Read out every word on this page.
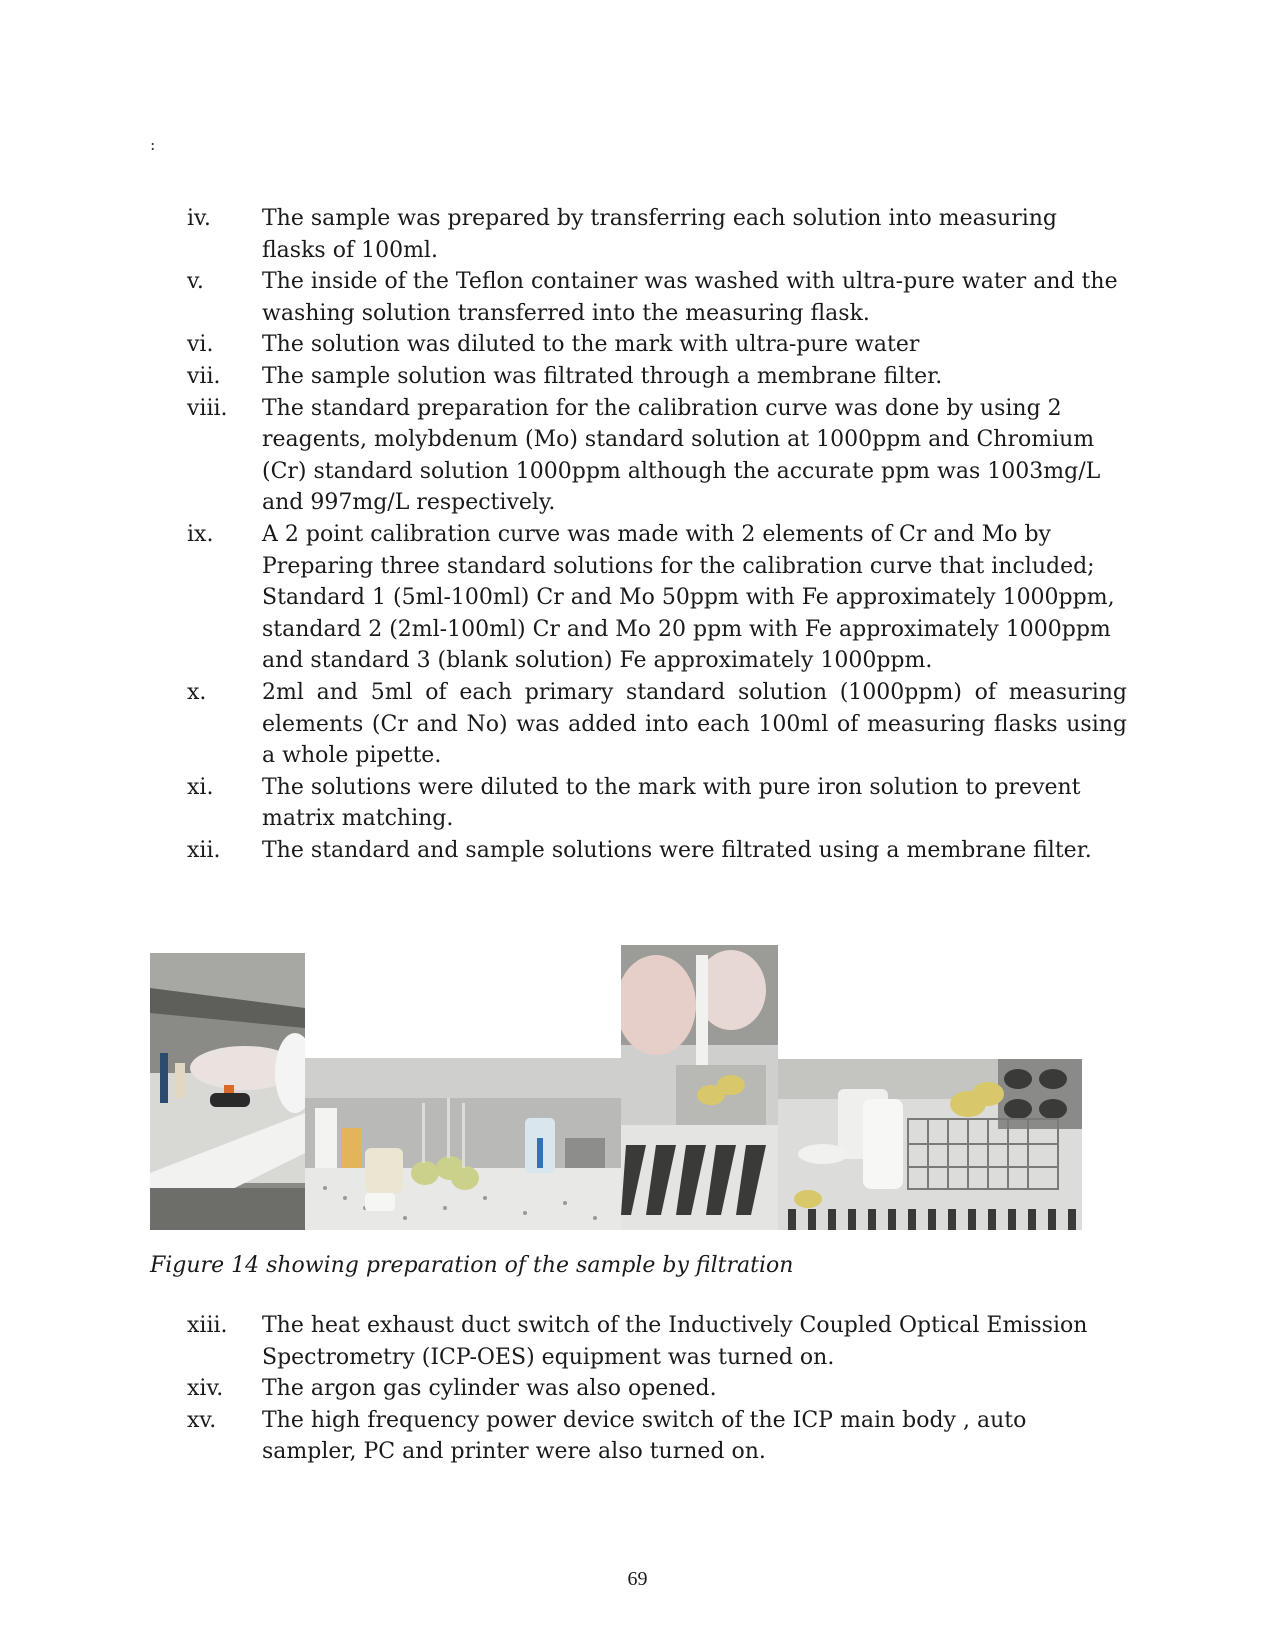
:
iv. The sample was prepared by transferring each solution into measuring flasks of 100ml.
v.	The inside of the Teflon container was washed with ultra-pure water and the washing solution transferred into the measuring flask.
vi. The solution was diluted to the mark with ultra-pure water
vii. The sample solution was filtrated through a membrane filter.
viii. The standard preparation for the calibration curve was done by using 2 reagents, molybdenum (Mo) standard solution at 1000ppm and Chromium (Cr) standard solution 1000ppm although the accurate ppm was 1003mg/L and 997mg/L respectively.
ix. A 2 point calibration curve was made with 2 elements of Cr and Mo by Preparing three standard solutions for the calibration curve that included; Standard 1 (5ml-100ml) Cr and Mo 50ppm with Fe approximately 1000ppm, standard 2 (2ml-100ml) Cr and Mo 20 ppm with Fe approximately 1000ppm and standard 3 (blank solution) Fe approximately 1000ppm.
x.	2ml and 5ml of each primary standard solution (1000ppm) of measuring elements (Cr and No) was added into each 100ml of measuring flasks using a whole pipette.
xi. The solutions were diluted to the mark with pure iron solution to prevent matrix matching.
xii. The standard and sample solutions were filtrated using a membrane filter.
Figure 14 showing preparation of the sample by filtration
xiii. The heat exhaust duct switch of the Inductively Coupled Optical Emission Spectrometry (ICP-OES) equipment was turned on.
xiv. The argon gas cylinder was also opened.
xv. The high frequency power device switch of the ICP main body , auto sampler, PC and printer were also turned on.
69
